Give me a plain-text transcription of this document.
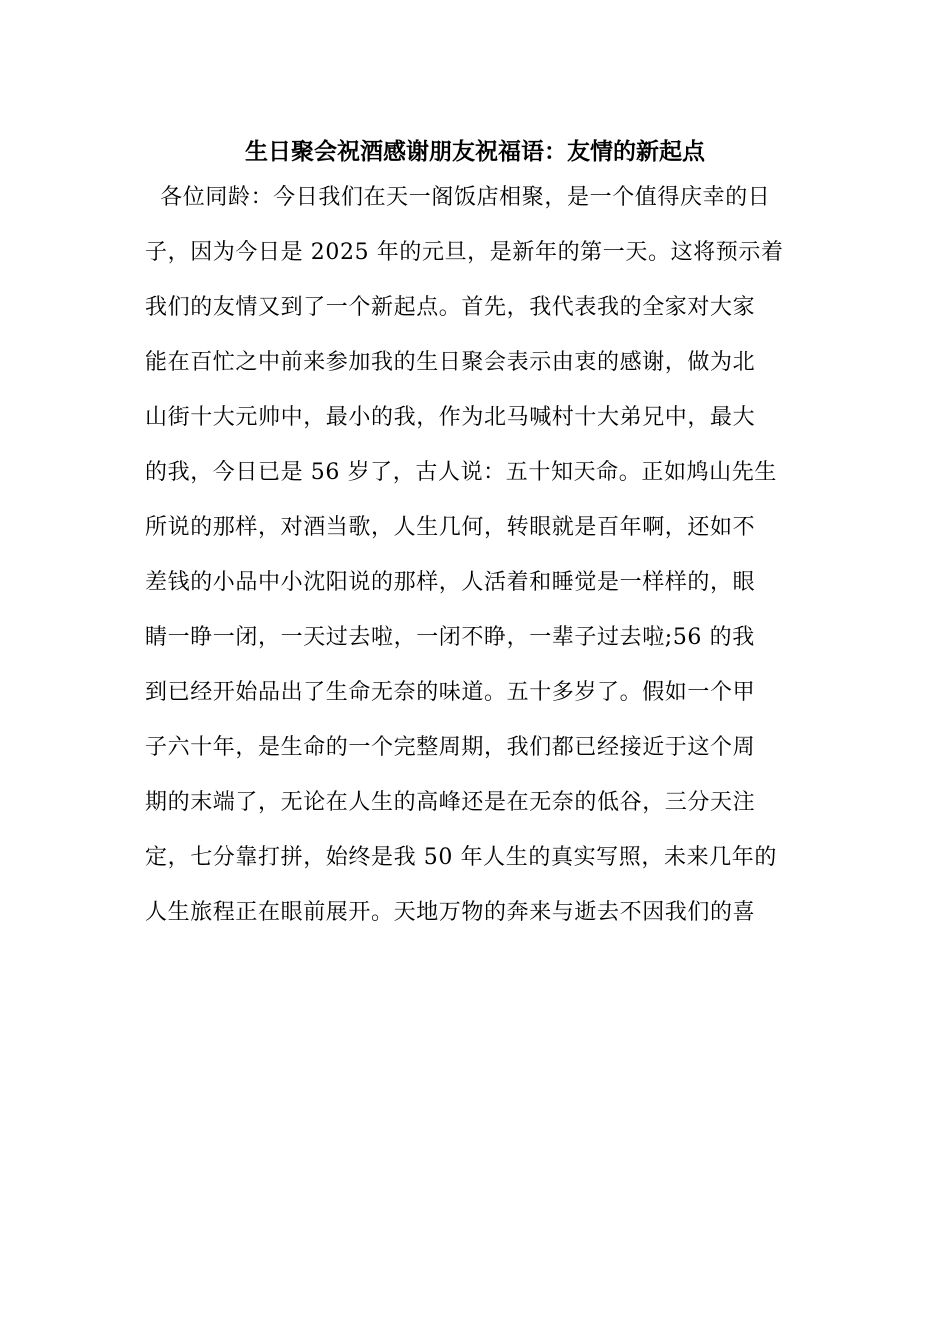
生日聚会祝酒感谢朋友祝福语：友情的新起点
各位同龄：今日我们在天一阁饭店相聚，是一个值得庆幸的日
子，因为今日是 2025 年的元旦，是新年的第一天。这将预示着
我们的友情又到了一个新起点。首先，我代表我的全家对大家
能在百忙之中前来参加我的生日聚会表示由衷的感谢，做为北
山街十大元帅中，最小的我，作为北马喊村十大弟兄中，最大
的我，今日已是 56 岁了，古人说：五十知天命。正如鸠山先生
所说的那样，对酒当歌，人生几何，转眼就是百年啊，还如不
差钱的小品中小沈阳说的那样，人活着和睡觉是一样样的，眼
睛一睁一闭，一天过去啦，一闭不睁，一辈子过去啦;56 的我
到已经开始品出了生命无奈的味道。五十多岁了。假如一个甲
子六十年，是生命的一个完整周期，我们都已经接近于这个周
期的末端了，无论在人生的高峰还是在无奈的低谷，三分天注
定，七分靠打拼，始终是我 50 年人生的真实写照，未来几年的
人生旅程正在眼前展开。天地万物的奔来与逝去不因我们的喜
